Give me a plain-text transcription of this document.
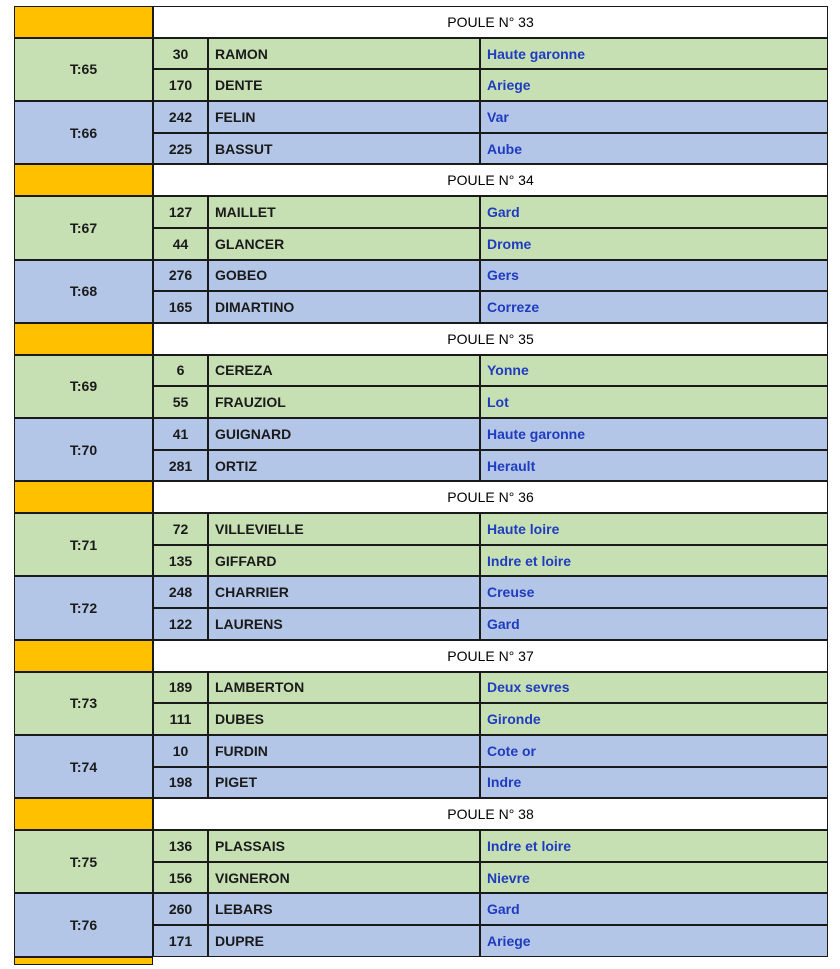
POULE N° 33
T:65
30	RAMON	Haute garonne
170	DENTE	Ariege
T:66
242	FELIN	Var
225	BASSUT	Aube
POULE N° 34
T:67
127	MAILLET	Gard
44	GLANCER	Drome
T:68
276	GOBEO	Gers
165	DIMARTINO	Correze
POULE N° 35
T:69
6	CEREZA	Yonne
55	FRAUZIOL	Lot
T:70
41	GUIGNARD	Haute garonne
281	ORTIZ	Herault
POULE N° 36
T:71
72	VILLEVIELLE	Haute loire
135	GIFFARD	Indre et loire
T:72
248	CHARRIER	Creuse
122	LAURENS	Gard
POULE N° 37
T:73
189	LAMBERTON	Deux sevres
111	DUBES	Gironde
T:74
10	FURDIN	Cote or
198	PIGET	Indre
POULE N° 38
T:75
136	PLASSAIS	Indre et loire
156	VIGNERON	Nievre
T:76
260	LEBARS	Gard
171	DUPRE	Ariege
